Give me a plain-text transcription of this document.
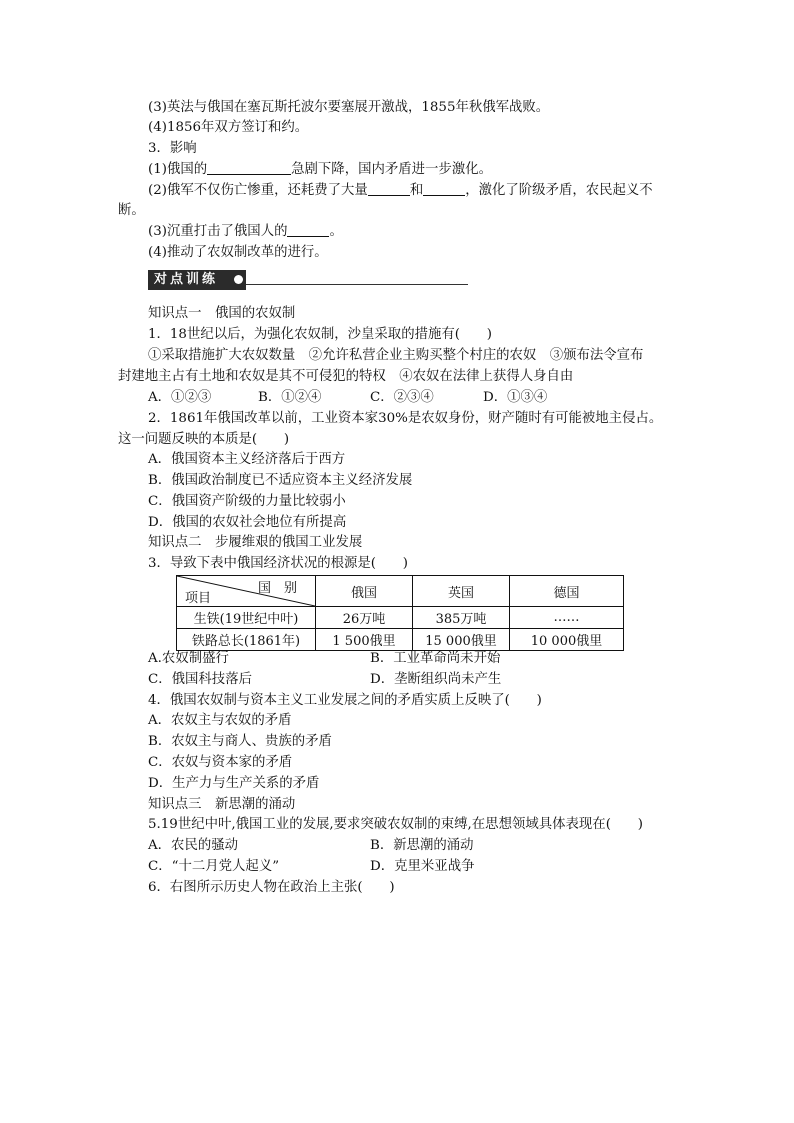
(3)英法与俄国在塞瓦斯托波尔要塞展开激战，1855年秋俄军战败。
(4)1856年双方签订和约。
3．影响
(1)俄国的	急剧下降，国内矛盾进一步激化。
(2)俄军不仅伤亡惨重，还耗费了大量	和	，激化了阶级矛盾，农民起义不
断。
(3)沉重打击了俄国人的	。
(4)推动了农奴制改革的进行。
对点训练
知识点一　俄国的农奴制
1．18世纪以后，为强化农奴制，沙皇采取的措施有(　　)
①采取措施扩大农奴数量　②允许私营企业主购买整个村庄的农奴　③颁布法令宣布
封建地主占有土地和农奴是其不可侵犯的特权　④农奴在法律上获得人身自由
A．①②③	B．①②④	C．②③④	D．①③④
2．1861年俄国改革以前，工业资本家30%是农奴身份，财产随时有可能被地主侵占。
这一问题反映的本质是(　　)
A．俄国资本主义经济落后于西方
B．俄国政治制度已不适应资本主义经济发展
C．俄国资产阶级的力量比较弱小
D．俄国的农奴社会地位有所提高
知识点二　步履维艰的俄国工业发展
3．导致下表中俄国经济状况的根源是(　　)
国　别
项目	俄国	英国	德国
生铁(19世纪中叶)	26万吨	385万吨	……
铁路总长(1861年)	1 500俄里	15 000俄里	10 000俄里
A.农奴制盛行	B．工业革命尚未开始
C．俄国科技落后	D．垄断组织尚未产生
4．俄国农奴制与资本主义工业发展之间的矛盾实质上反映了(　　)
A．农奴主与农奴的矛盾
B．农奴主与商人、贵族的矛盾
C．农奴与资本家的矛盾
D．生产力与生产关系的矛盾
知识点三　新思潮的涌动
5.19世纪中叶,俄国工业的发展,要求突破农奴制的束缚,在思想领域具体表现在(　　)
A．农民的骚动	B．新思潮的涌动
C．“十二月党人起义”	D．克里米亚战争
6．右图所示历史人物在政治上主张(　　)
